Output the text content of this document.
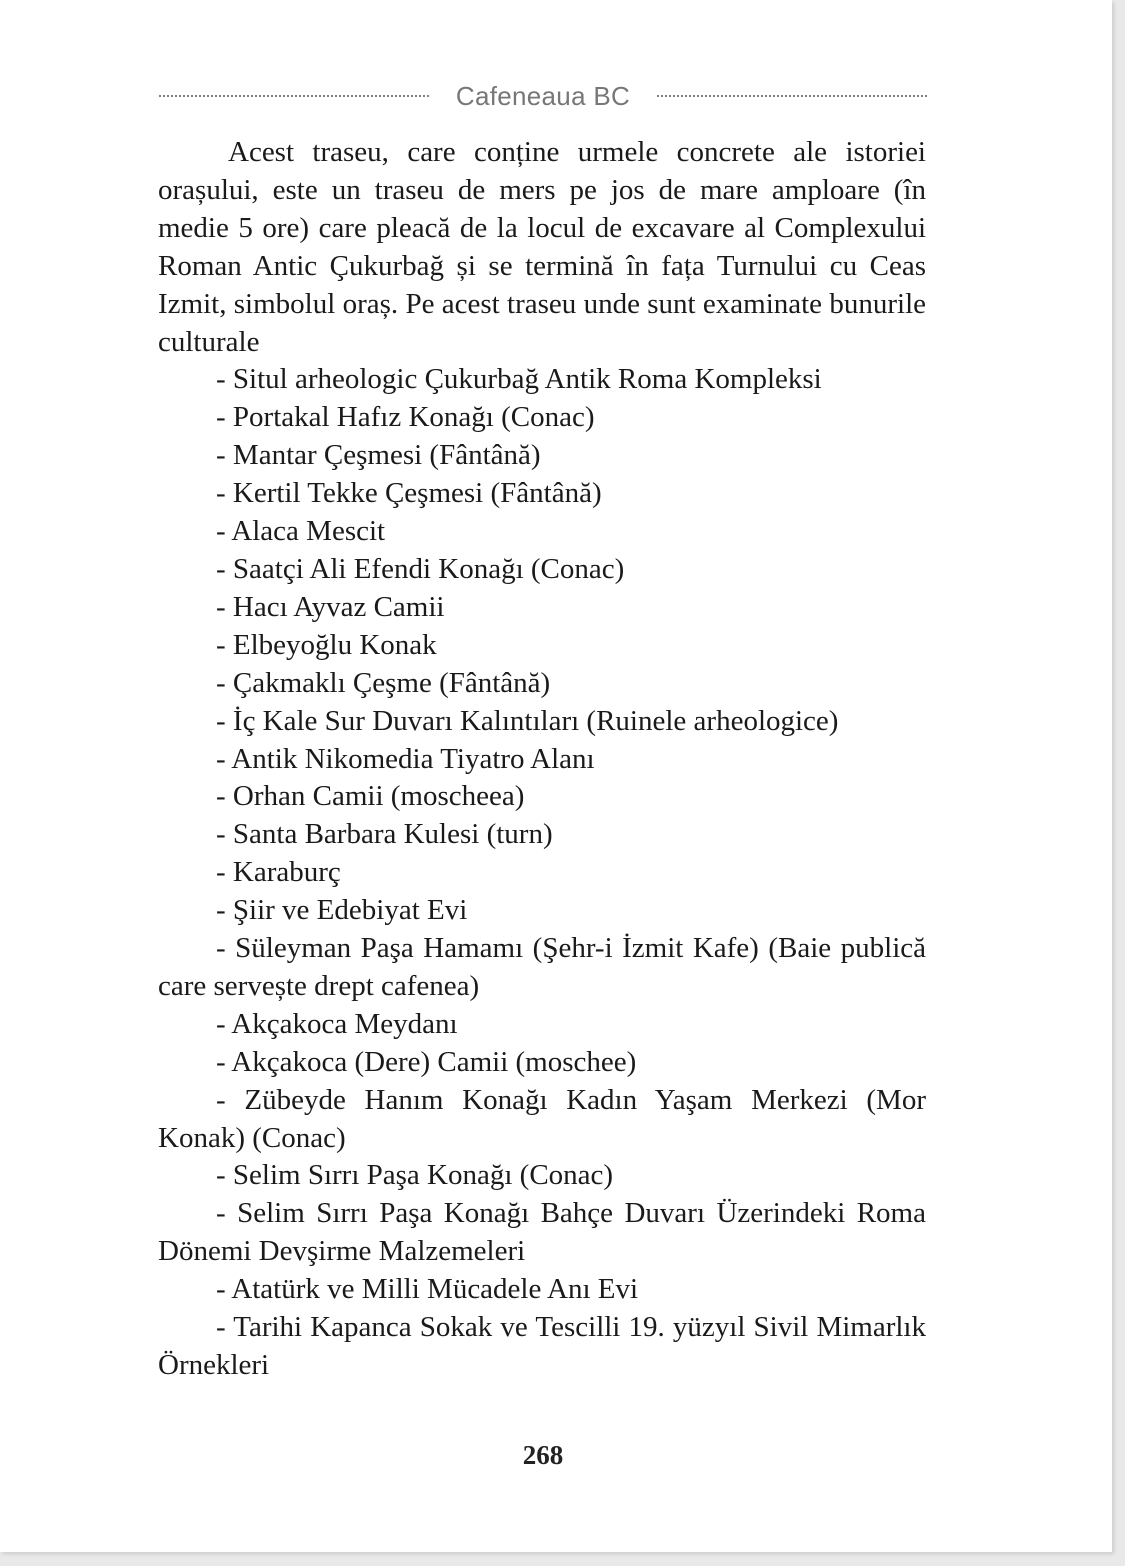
Cafeneaua BC

Acest traseu, care conține urmele concrete ale istoriei orașului, este un traseu de mers pe jos de mare amploare (în medie 5 ore) care pleacă de la locul de excavare al Complexului Roman Antic Çukurbağ și se termină în fața Turnului cu Ceas Izmit, simbolul oraș. Pe acest traseu unde sunt examinate bunurile culturale

- Situl arheologic Çukurbağ Antik Roma Kompleksi

- Portakal Hafız Konağı (Conac)

- Mantar Çeşmesi (Fântână)

- Kertil Tekke Çeşmesi (Fântână)

- Alaca Mescit

- Saatçi Ali Efendi Konağı (Conac)

- Hacı Ayvaz Camii

- Elbeyoğlu Konak

- Çakmaklı Çeşme (Fântână)

- İç Kale Sur Duvarı Kalıntıları (Ruinele arheologice)

- Antik Nikomedia Tiyatro Alanı

- Orhan Camii (moscheea)

- Santa Barbara Kulesi (turn)

- Karaburç

- Şiir ve Edebiyat Evi

- Süleyman Paşa Hamamı (Şehr-i İzmit Kafe) (Baie publică care servește drept cafenea)

- Akçakoca Meydanı

- Akçakoca (Dere) Camii (moschee)

- Zübeyde Hanım Konağı Kadın Yaşam Merkezi (Mor Konak) (Conac)

- Selim Sırrı Paşa Konağı (Conac)

- Selim Sırrı Paşa Konağı Bahçe Duvarı Üzerindeki Roma Dönemi Devşirme Malzemeleri

- Atatürk ve Milli Mücadele Anı Evi

- Tarihi Kapanca Sokak ve Tescilli 19. yüzyıl Sivil Mimarlık Örnekleri

268
